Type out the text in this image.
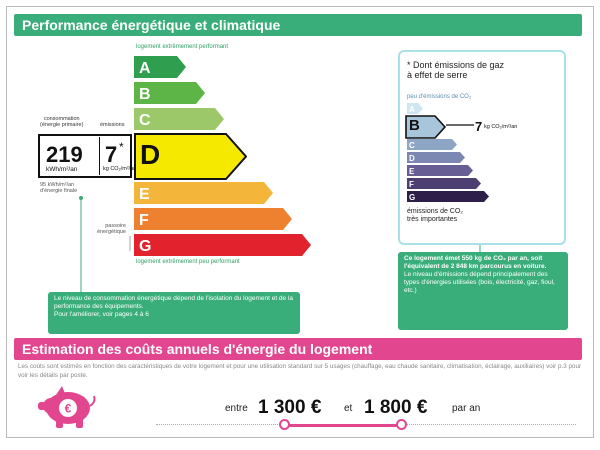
Performance énergétique et climatique
logement extrêmement performant
A
B
C
E
F
G
logement extrêmement peu performant
D
consommation
(énergie primaire)	émissions
219
kWh/m²/an
7 *
kg CO₂/m²/an
95 kWh/m²/an
d'énergie finale
passoire
énergétique
Le niveau de consommation énergétique dépend de l'isolation du logement et de la performance des équipements.
Pour l'améliorer, voir pages 4 à 6
* Dont émissions de gaz
à effet de serre
peu d'émissions de CO₂
A
C
D
E
F
G
B	7 kg CO₂/m²/an
émissions de CO₂
très importantes
Ce logement émet 550 kg de CO₂ par an, soit l'équivalent de 2 848 km parcourus en voiture.
Le niveau d'émissions dépend principalement des types d'énergies utilisées (bois, électricité, gaz, fioul, etc.)
Estimation des coûts annuels d'énergie du logement
Les coûts sont estimés en fonction des caractéristiques de votre logement et pour une utilisation standard sur 5 usages (chauffage, eau chaude sanitaire, climatisation, éclairage, auxiliaires) voir p.3 pour voir les détails par poste.
€	entre 1 300 € et 1 800 € par an
